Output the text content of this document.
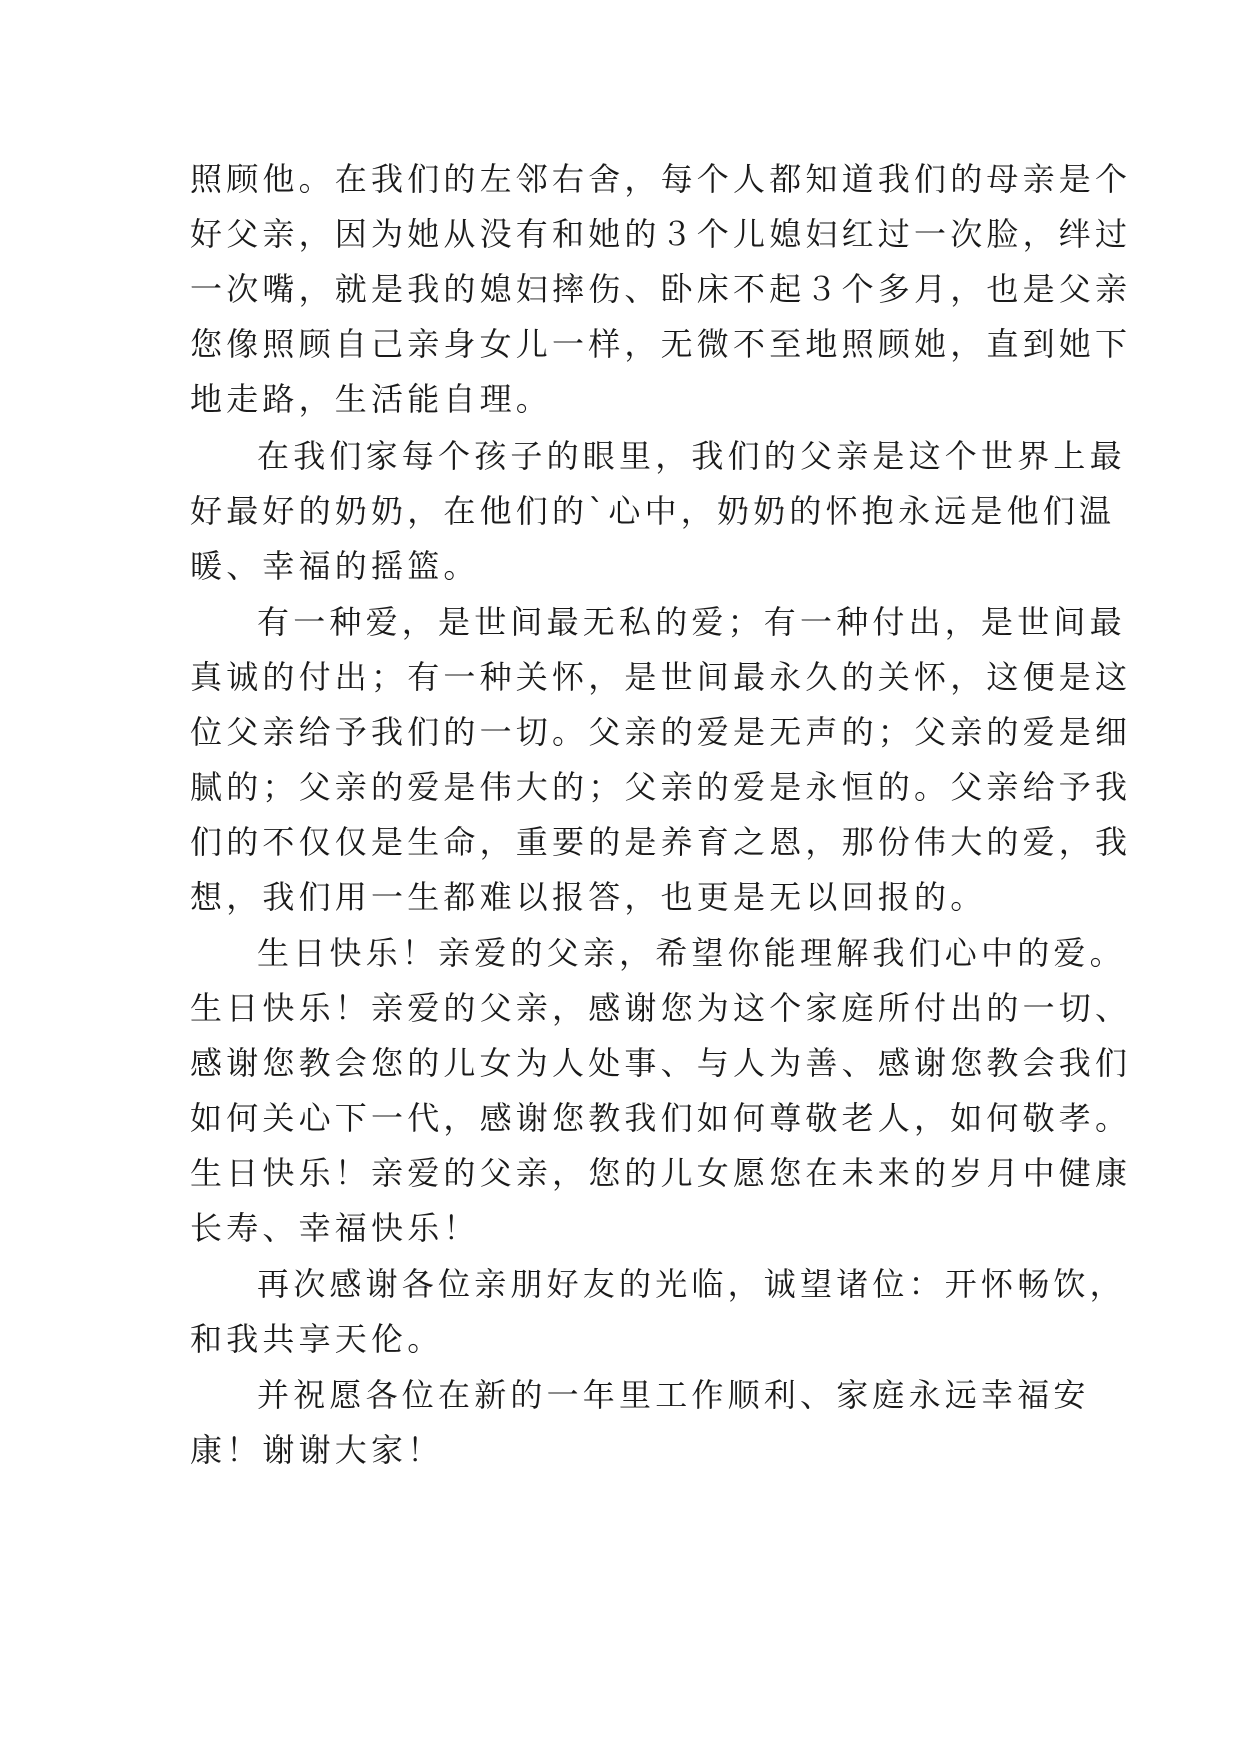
照顾他。在我们的左邻右舍，每个人都知道我们的母亲是个
好父亲，因为她从没有和她的３个儿媳妇红过一次脸，绊过
一次嘴，就是我的媳妇摔伤、卧床不起３个多月，也是父亲
您像照顾自己亲身女儿一样，无微不至地照顾她，直到她下
地走路，生活能自理。
在我们家每个孩子的眼里，我们的父亲是这个世界上最
好最好的奶奶，在他们的`心中，奶奶的怀抱永远是他们温
暖、幸福的摇篮。
有一种爱，是世间最无私的爱；有一种付出，是世间最
真诚的付出；有一种关怀，是世间最永久的关怀，这便是这
位父亲给予我们的一切。父亲的爱是无声的；父亲的爱是细
腻的；父亲的爱是伟大的；父亲的爱是永恒的。父亲给予我
们的不仅仅是生命，重要的是养育之恩，那份伟大的爱，我
想，我们用一生都难以报答，也更是无以回报的。
生日快乐！亲爱的父亲，希望你能理解我们心中的爱。
生日快乐！亲爱的父亲，感谢您为这个家庭所付出的一切、
感谢您教会您的儿女为人处事、与人为善、感谢您教会我们
如何关心下一代，感谢您教我们如何尊敬老人，如何敬孝。
生日快乐！亲爱的父亲，您的儿女愿您在未来的岁月中健康
长寿、幸福快乐！
再次感谢各位亲朋好友的光临，诚望诸位：开怀畅饮，
和我共享天伦。
并祝愿各位在新的一年里工作顺利、家庭永远幸福安
康！谢谢大家！
